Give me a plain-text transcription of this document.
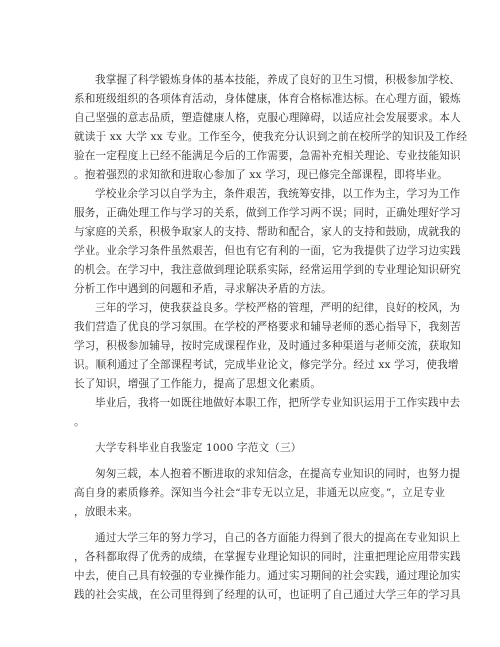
我掌握了科学锻炼身体的基本技能，养成了良好的卫生习惯，积极参加学校、
系和班级组织的各项体育活动，身体健康，体育合格标准达标。在心理方面，锻炼
自己坚强的意志品质，塑造健康人格，克服心理障碍，以适应社会发展要求。本人
就读于 xx 大学 xx 专业。工作至今，使我充分认识到之前在校所学的知识及工作经
验在一定程度上已经不能满足今后的工作需要，急需补充相关理论、专业技能知识
。抱着强烈的求知欲和进取心参加了 xx 学习，现已修完全部课程，即将毕业。
学校业余学习以自学为主，条件艰苦，我统筹安排，以工作为主，学习为工作
服务，正确处理工作与学习的关系，做到工作学习两不误；同时，正确处理好学习
与家庭的关系，积极争取家人的支持、帮助和配合，家人的支持和鼓励，成就我的
学业。业余学习条件虽然艰苦，但也有它有利的一面，它为我提供了边学习边实践
的机会。在学习中，我注意做到理论联系实际，经常运用学到的专业理论知识研究
分析工作中遇到的问题和矛盾，寻求解决矛盾的方法。
三年的学习，使我获益良多。学校严格的管理，严明的纪律，良好的校风，为
我们营造了优良的学习氛围。在学校的严格要求和辅导老师的悉心指导下，我刻苦
学习，积极参加辅导，按时完成课程作业，及时通过多种渠道与老师交流，获取知
识。顺利通过了全部课程考试，完成毕业论文，修完学分。经过 xx 学习，使我增
长了知识，增强了工作能力，提高了思想文化素质。
毕业后，我将一如既往地做好本职工作，把所学专业知识运用于工作实践中去
。
大学专科毕业自我鉴定 1000 字范文（三）
匆匆三载，本人抱着不断进取的求知信念，在提高专业知识的同时，也努力提
高自身的素质修养。深知当今社会“非专无以立足，非通无以应变。”，立足专业
，放眼未来。
通过大学三年的努力学习，自己的各方面能力得到了很大的提高在专业知识上
，各科都取得了优秀的成绩，在掌握专业理论知识的同时，注重把理论应用带实践
中去，使自己具有较强的专业操作能力。通过实习期间的社会实践，通过理论加实
践的社会实战，在公司里得到了经理的认可，也证明了自己通过大学三年的学习具
